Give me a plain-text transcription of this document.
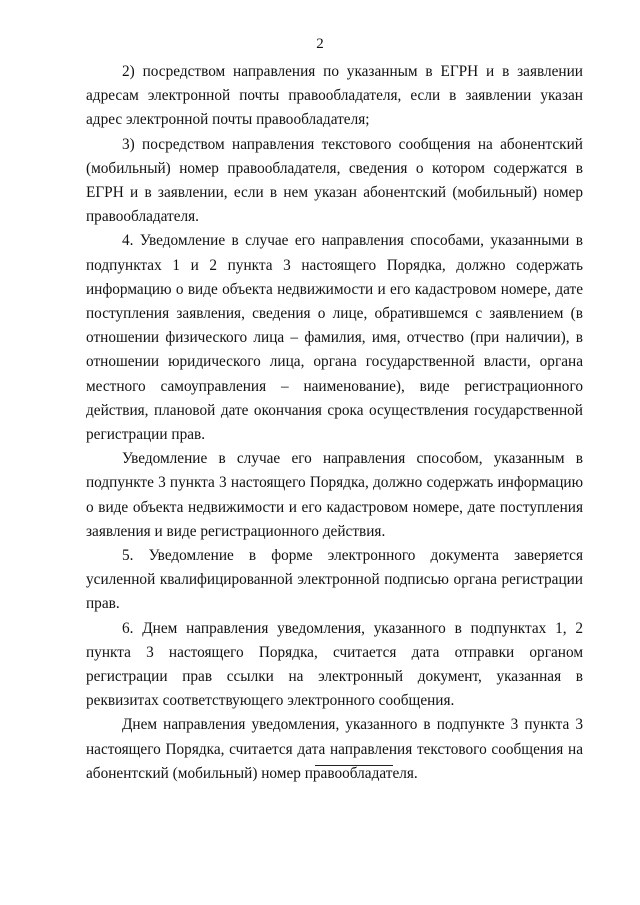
2

2) посредством направления по указанным в ЕГРН и в заявлении адресам электронной почты правообладателя, если в заявлении указан адрес электронной почты правообладателя;

3) посредством направления текстового сообщения на абонентский (мобильный) номер правообладателя, сведения о котором содержатся в ЕГРН и в заявлении, если в нем указан абонентский (мобильный) номер правообладателя.

4. Уведомление в случае его направления способами, указанными в подпунктах 1 и 2 пункта 3 настоящего Порядка, должно содержать информацию о виде объекта недвижимости и его кадастровом номере, дате поступления заявления, сведения о лице, обратившемся с заявлением (в отношении физического лица – фамилия, имя, отчество (при наличии), в отношении юридического лица, органа государственной власти, органа местного самоуправления – наименование), виде регистрационного действия, плановой дате окончания срока осуществления государственной регистрации прав.

Уведомление в случае его направления способом, указанным в подпункте 3 пункта 3 настоящего Порядка, должно содержать информацию о виде объекта недвижимости и его кадастровом номере, дате поступления заявления и виде регистрационного действия.

5. Уведомление в форме электронного документа заверяется усиленной квалифицированной электронной подписью органа регистрации прав.

6. Днем направления уведомления, указанного в подпунктах 1, 2 пункта 3 настоящего Порядка, считается дата отправки органом регистрации прав ссылки на электронный документ, указанная в реквизитах соответствующего электронного сообщения.

Днем направления уведомления, указанного в подпункте 3 пункта 3 настоящего Порядка, считается дата направления текстового сообщения на абонентский (мобильный) номер правообладателя.
